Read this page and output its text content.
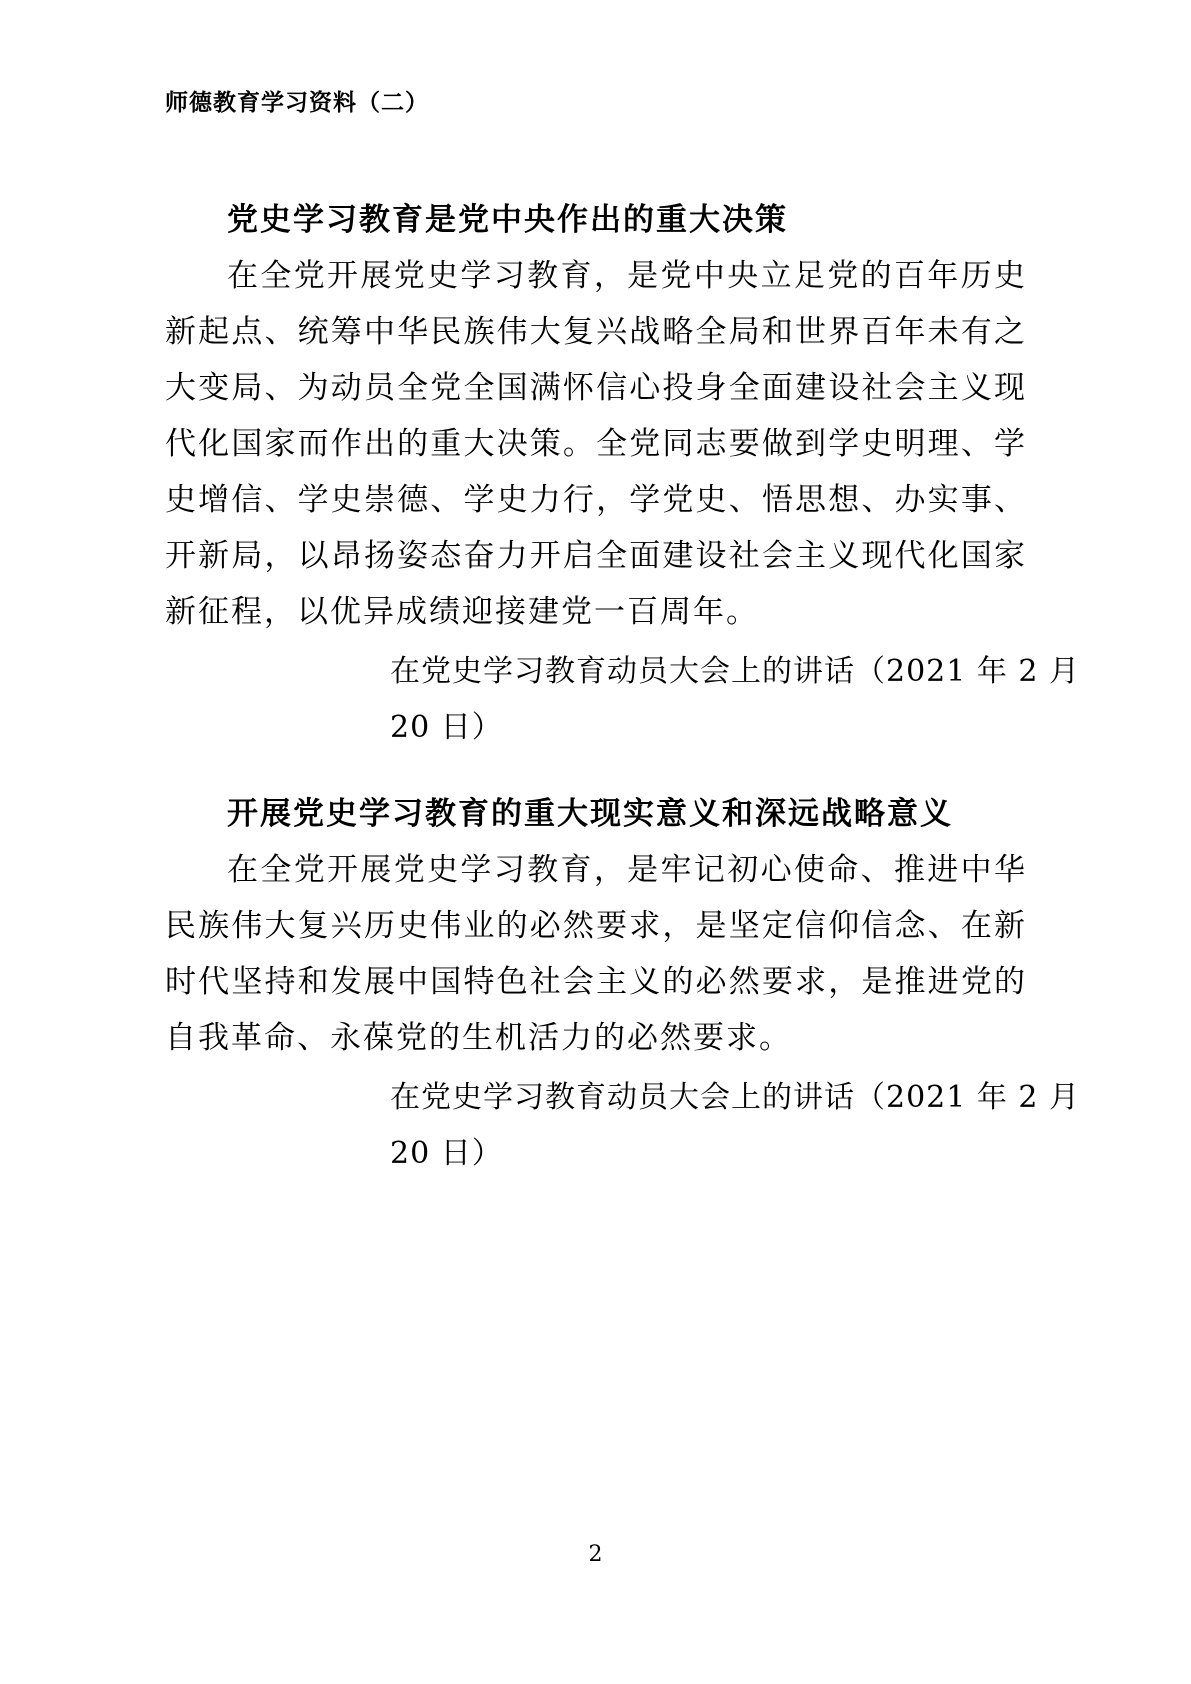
师德教育学习资料（二）
党史学习教育是党中央作出的重大决策

在全党开展党史学习教育，是党中央立足党的百年历史新起点、统筹中华民族伟大复兴战略全局和世界百年未有之大变局、为动员全党全国满怀信心投身全面建设社会主义现代化国家而作出的重大决策。全党同志要做到学史明理、学史增信、学史崇德、学史力行，学党史、悟思想、办实事、开新局，以昂扬姿态奋力开启全面建设社会主义现代化国家新征程，以优异成绩迎接建党一百周年。

在党史学习教育动员大会上的讲话（2021 年 2 月
20 日）
开展党史学习教育的重大现实意义和深远战略意义

在全党开展党史学习教育，是牢记初心使命、推进中华民族伟大复兴历史伟业的必然要求，是坚定信仰信念、在新时代坚持和发展中国特色社会主义的必然要求，是推进党的自我革命、永葆党的生机活力的必然要求。

在党史学习教育动员大会上的讲话（2021 年 2 月
20 日）
2
